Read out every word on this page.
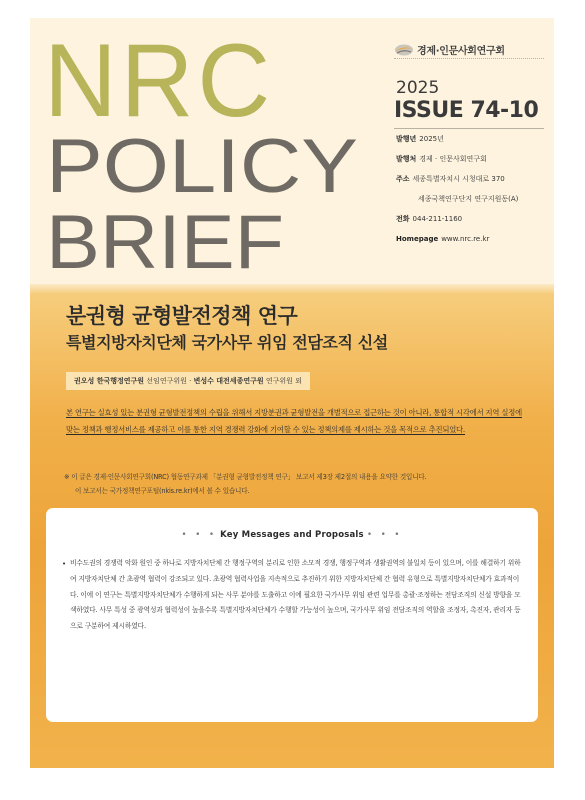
NRC
POLICY
BRIEF
경제·인문사회연구회
2025
ISSUE 74-10
발행년 2025년
발행처 경제 · 인문사회연구회
주소 세종특별자치시 시청대로 370
세종국책연구단지 연구지원동(A)
전화 044-211-1160
Homepage www.nrc.re.kr
분권형 균형발전정책 연구
특별지방자치단체 국가사무 위임 전담조직 신설
권오성 한국행정연구원 선임연구위원 · 변성수 대전세종연구원 연구위원 외
본 연구는 실효성 있는 분권형 균형발전정책의 수립을 위해서 지방분권과 균형발전을 개별적으로 접근하는 것이 아니라, 통합적 시각에서 지역 실정에 맞는 정책과 행정서비스를 제공하고 이를 통한 지역 경쟁력 강화에 기여할 수 있는 정책의제를 제시하는 것을 목적으로 추진되었다.
※ 이 글은 경제·인문사회연구회(NRC) 협동연구과제 「분권형 균형발전정책 연구」 보고서 제3장 제2절의 내용을 요약한 것입니다.
이 보고서는 국가정책연구포털(nkis.re.kr)에서 볼 수 있습니다.
• • • Key Messages and Proposals • • •
• 비수도권의 경쟁력 악화 원인 중 하나로 지방자치단체 간 행정구역의 분리로 인한 소모적 경쟁, 행정구역과 생활권역의 불일치 등이 있으며, 이를 해결하기 위하여 지방자치단체 간 초광역 협력이 강조되고 있다. 초광역 협력사업을 지속적으로 추진하기 위한 지방자치단체 간 협력 유형으로 특별지방자치단체가 효과적이다. 이에 이 연구는 특별지방자치단체가 수행하게 되는 사무 분야를 도출하고 이에 필요한 국가사무 위임 관련 업무를 총괄·조정하는 전담조직의 신설 방향을 모색하였다. 사무 특성 중 광역성과 협력성이 높을수록 특별지방자치단체가 수행할 가능성이 높으며, 국가사무 위임 전담조직의 역할을 조정자, 촉진자, 관리자 등으로 구분하여 제시하였다.
